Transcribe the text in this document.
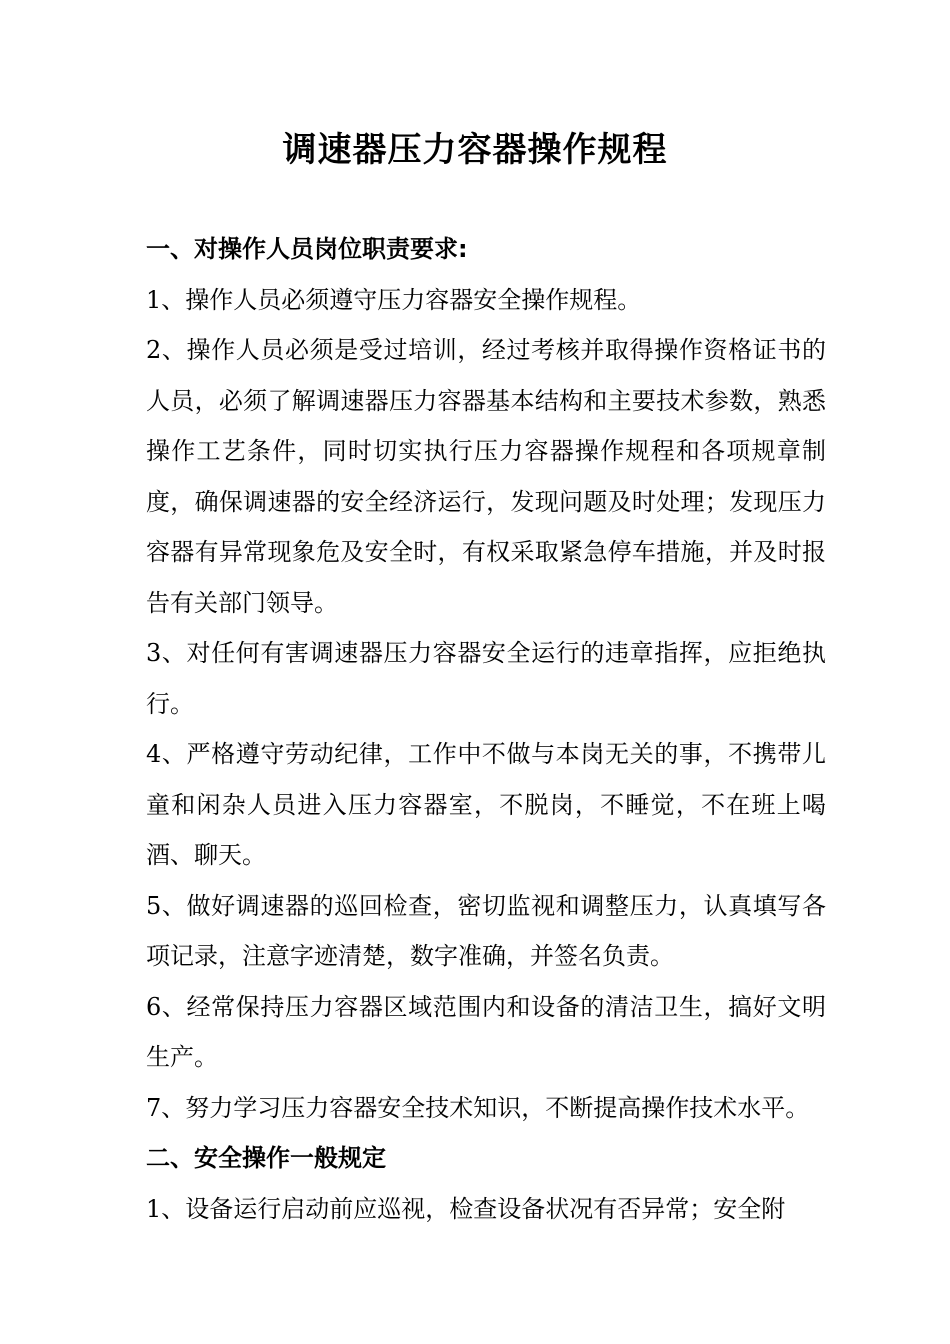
调速器压力容器操作规程

一、对操作人员岗位职责要求:

1、操作人员必须遵守压力容器安全操作规程。

2、操作人员必须是受过培训，经过考核并取得操作资格证书的人员，必须了解调速器压力容器基本结构和主要技术参数，熟悉操作工艺条件，同时切实执行压力容器操作规程和各项规章制度，确保调速器的安全经济运行，发现问题及时处理；发现压力容器有异常现象危及安全时，有权采取紧急停车措施，并及时报告有关部门领导。

3、对任何有害调速器压力容器安全运行的违章指挥，应拒绝执行。

4、严格遵守劳动纪律，工作中不做与本岗无关的事，不携带儿童和闲杂人员进入压力容器室，不脱岗，不睡觉，不在班上喝酒、聊天。

5、做好调速器的巡回检查，密切监视和调整压力，认真填写各项记录，注意字迹清楚，数字准确，并签名负责。

6、经常保持压力容器区域范围内和设备的清洁卫生，搞好文明生产。

7、努力学习压力容器安全技术知识，不断提高操作技术水平。

二、安全操作一般规定

1、设备运行启动前应巡视，检查设备状况有否异常；安全附
